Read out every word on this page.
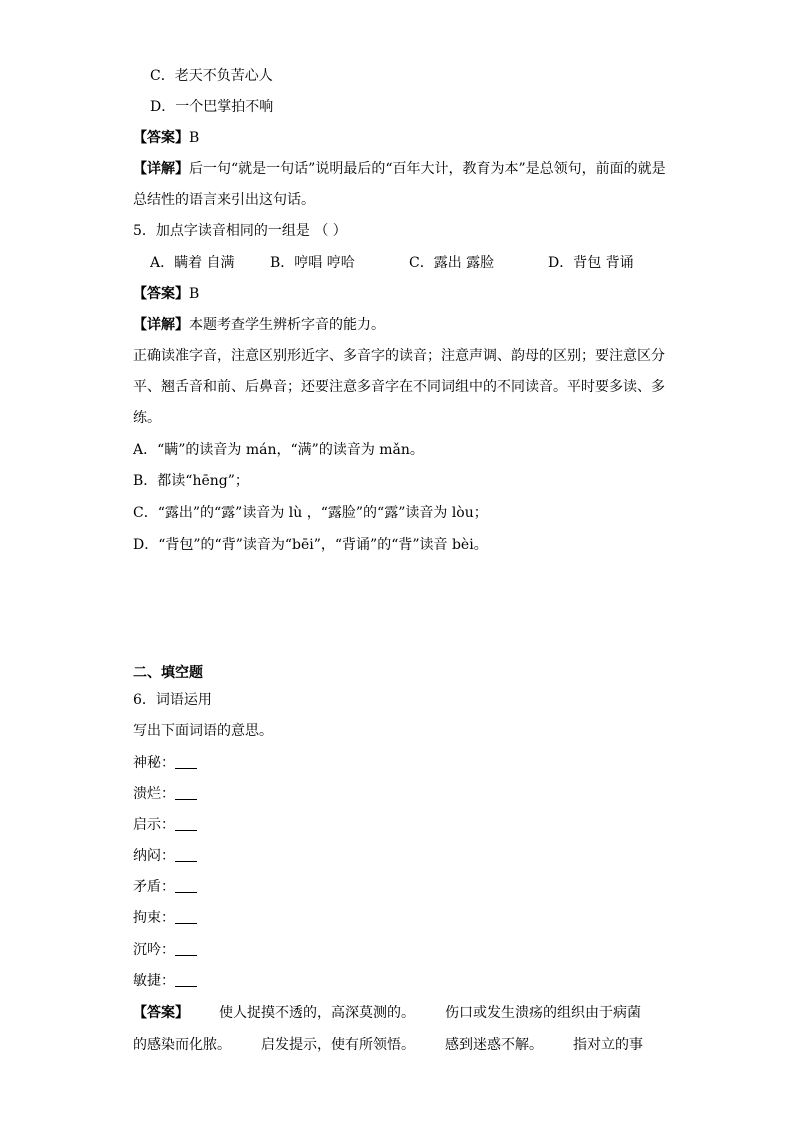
C．老天不负苦心人
D．一个巴掌拍不响
【答案】B
【详解】后一句“就是一句话”说明最后的“百年大计，教育为本”是总领句，前面的就是
总结性的语言来引出这句话。
5．加点字读音相同的一组是 （ ）
A．瞒着 自满	B．哼唱 哼哈	C．露出 露脸	D．背包 背诵
【答案】B
【详解】本题考查学生辨析字音的能力。
正确读准字音，注意区别形近字、多音字的读音；注意声调、韵母的区别；要注意区分
平、翘舌音和前、后鼻音；还要注意多音字在不同词组中的不同读音。平时要多读、多
练。
A．“瞒”的读音为 mán，“满”的读音为 mǎn。
B．都读“hēng”；
C．“露出”的“露”读音为 lù ，“露脸”的“露”读音为 lòu；
D．“背包”的“背”读音为“bēi”，“背诵”的“背”读音 bèi。
二、填空题
6．词语运用
写出下面词语的意思。
神秘：
溃烂：
启示：
纳闷：
矛盾：
拘束：
沉吟：
敏捷：
【答案】 使人捉摸不透的，高深莫测的。 伤口或发生溃疡的组织由于病菌
的感染而化脓。 启发提示，使有所领悟。 感到迷惑不解。 指对立的事
